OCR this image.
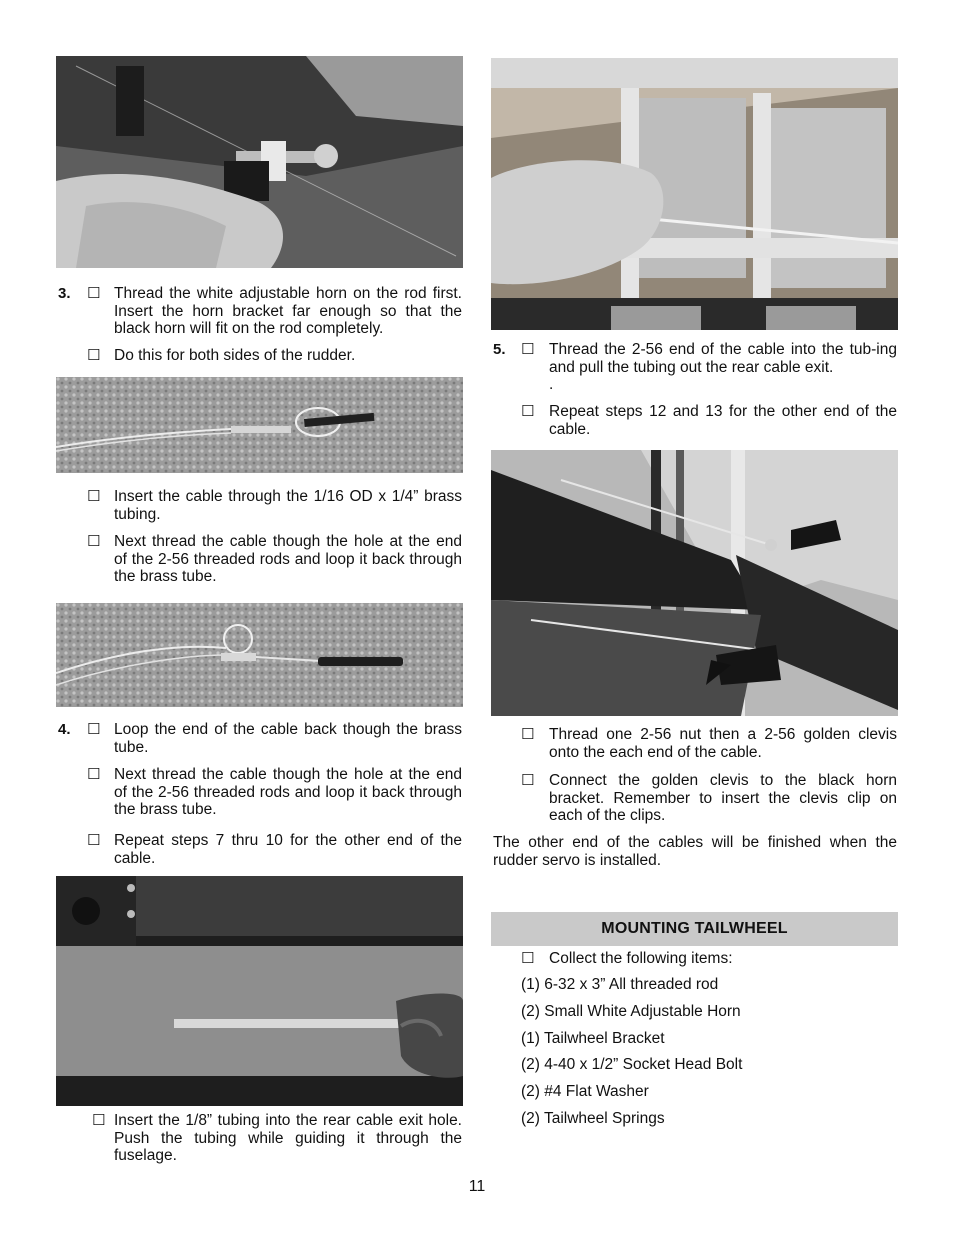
3. ☐ Thread the white adjustable horn on the rod first. Insert the horn bracket far enough so that the black horn will fit on the rod completely.
☐ Do this for both sides of the rudder.
☐ Insert the cable through the 1/16 OD x 1/4” brass tubing.
☐ Next thread the cable though the hole at the end of the 2-56 threaded rods and loop it back through the brass tube.
4. ☐ Loop the end of the cable back though the brass tube.
☐ Next thread the cable though the hole at the end of the 2-56 threaded rods and loop it back through the brass tube.
☐ Repeat steps 7 thru 10 for the other end of the cable.
☐ Insert the 1/8” tubing into the rear cable exit hole. Push the tubing while guiding it through the fuselage.
5. ☐ Thread the 2-56 end of the cable into the tub-ing and pull the tubing out the rear cable exit.
.
☐ Repeat steps 12 and 13 for the other end of the cable.
☐ Thread one 2-56 nut then a 2-56 golden clevis onto the each end of the cable.
☐ Connect the golden clevis to the black horn bracket. Remember to insert the clevis clip on each of the clips.
The other end of the cables will be finished when the rudder servo is installed.
MOUNTING TAILWHEEL
☐ Collect the following items:
(1) 6-32 x 3” All threaded rod
(2) Small White Adjustable Horn
(1) Tailwheel Bracket
(2) 4-40 x 1/2” Socket Head Bolt
(2) #4 Flat Washer
(2) Tailwheel Springs
11
